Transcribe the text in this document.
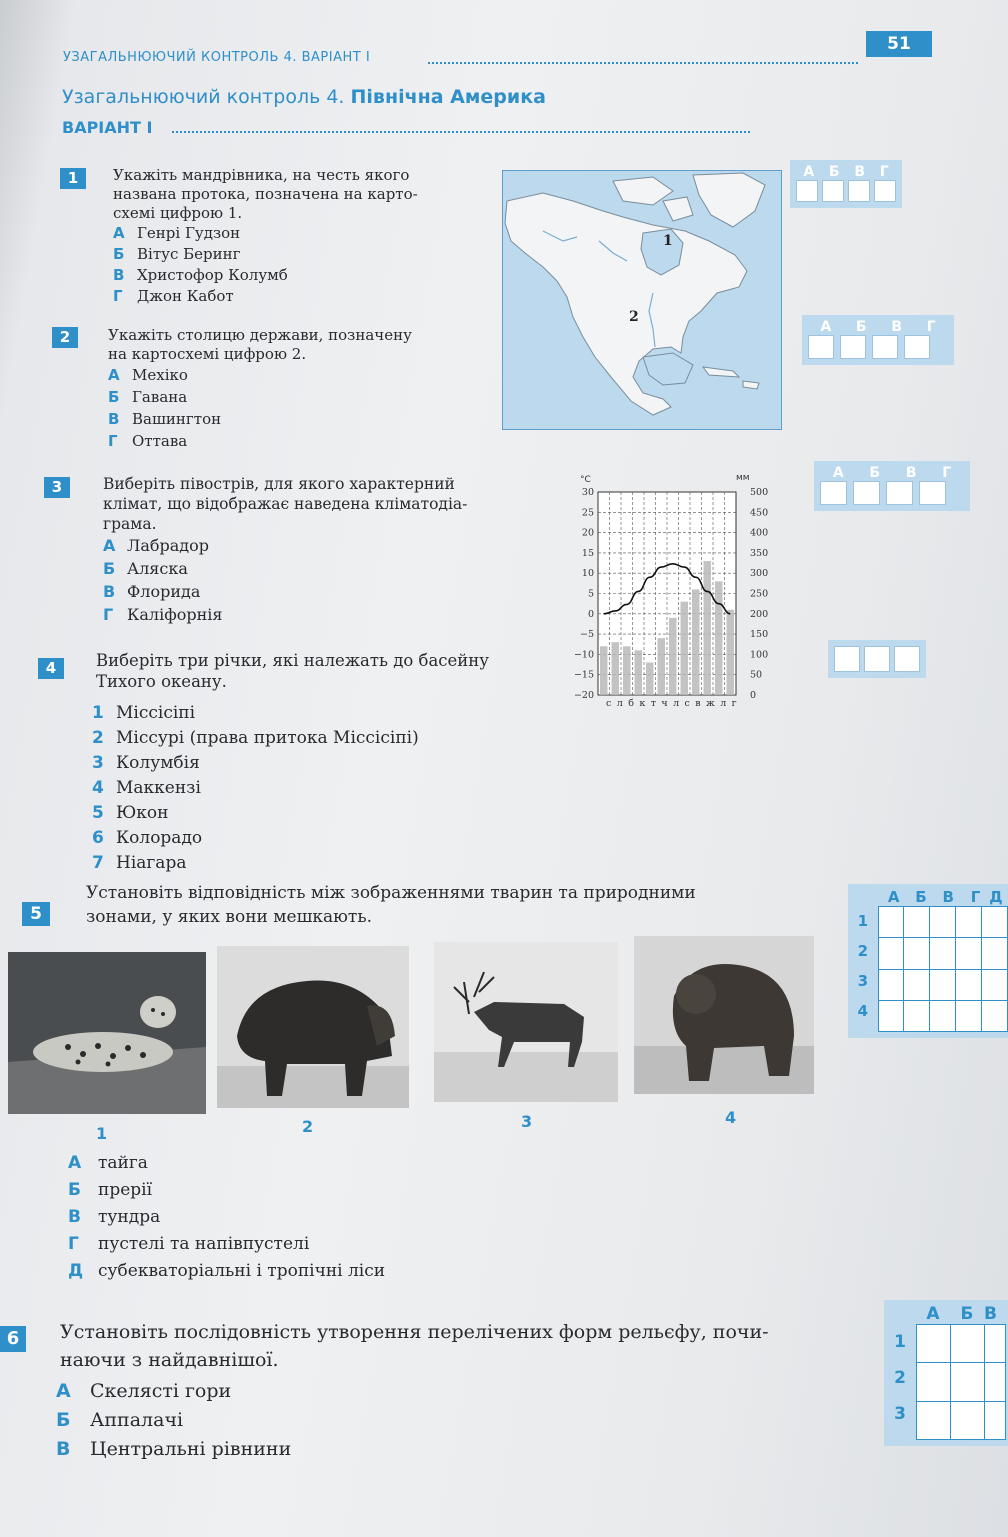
УЗАГАЛЬНЮЮЧИЙ КОНТРОЛЬ 4. ВАРІАНТ І
51
Узагальнюючий контроль 4. Північна Америка
ВАРІАНТ І
1	Укажіть мандрівника, на честь якого
названа протока, позначена на карто-
схемі цифрою 1.
А Генрі Гудзон
Б Вітус Беринг
В Христофор Колумб
Г Джон Кабот
А Б В Г
1
2
2	Укажіть столицю держави, позначену
на картосхемі цифрою 2.
А Мехіко
Б Гавана
В Вашингтон
Г Оттава
А Б В Г
3	Виберіть півострів, для якого характерний
клімат, що відображає наведена кліматодіа-
грама.
А Лабрадор
Б Аляска
В Флорида
Г Каліфорнія
А Б В Г
°C	мм
30
25
20
15
10
5
0
−5
−10
−15
−20
500
450
400
350
300
250
200
150
100
50
0
с л б к т ч л с в ж л г
4	Виберіть три річки, які належать до басейну
Тихого океану.
1 Міссісіпі
2 Міссурі (права притока Міссісіпі)
3 Колумбія
4 Маккензі
5 Юкон
6 Колорадо
7 Ніагара
5
Установіть відповідність між зображеннями тварин та природними
зонами, у яких вони мешкають.
А	Б	В	Г Д
1
2
3
4

1	2	3	4
А тайга
Б прерії
В тундра
Г пустелі та напівпустелі
Д субекваторіальні і тропічні ліси
6	Установіть послідовність утворення перелічених форм рельєфу, почи-
наючи з найдавнішої.
А Скелясті гори
Б Аппалачі
В Центральні рівнини
А	Б В
1
2
3
